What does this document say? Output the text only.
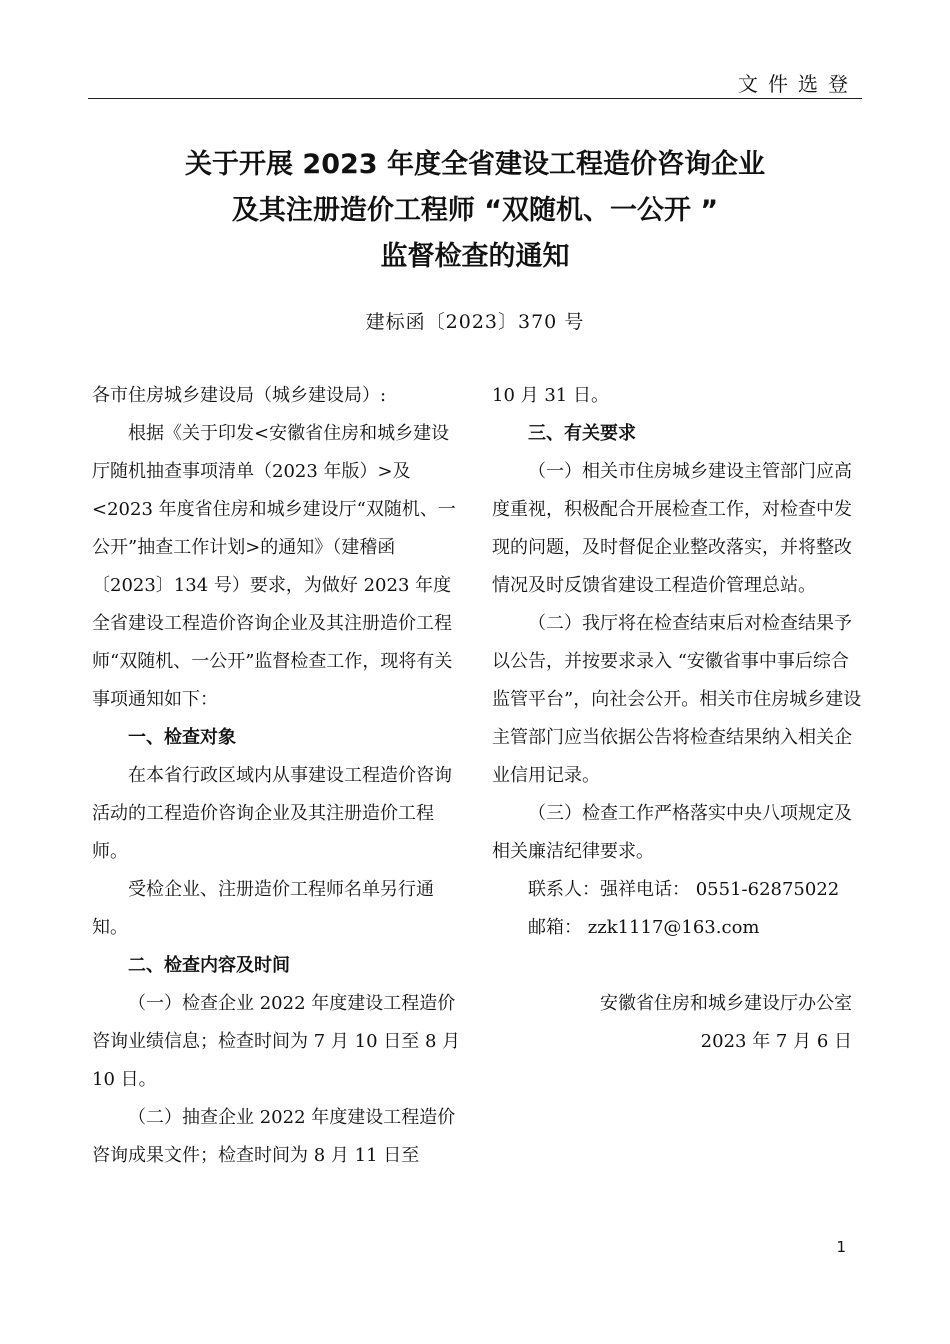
文件选登
关于开展 2023 年度全省建设工程造价咨询企业
及其注册造价工程师 “双随机、一公开 ”
监督检查的通知
建标函〔2023〕370 号

各市住房城乡建设局（城乡建设局）:

根据《关于印发<安徽省住房和城乡建设厅随机抽查事项清单（2023 年版）>及<2023 年度省住房和城乡建设厅“双随机、一公开”抽查工作计划>的通知》（建稽函〔2023〕134 号）要求，为做好 2023 年度全省建设工程造价咨询企业及其注册造价工程师“双随机、一公开”监督检查工作，现将有关事项通知如下：

一、检查对象

在本省行政区域内从事建设工程造价咨询活动的工程造价咨询企业及其注册造价工程师。

受检企业、注册造价工程师名单另行通知。

二、检查内容及时间

（一）检查企业 2022 年度建设工程造价咨询业绩信息；检查时间为 7 月 10 日至 8 月 10 日。

（二）抽查企业 2022 年度建设工程造价咨询成果文件；检查时间为 8 月 11 日至

10 月 31 日。

三、有关要求

（一）相关市住房城乡建设主管部门应高度重视，积极配合开展检查工作，对检查中发现的问题，及时督促企业整改落实，并将整改情况及时反馈省建设工程造价管理总站。

（二）我厅将在检查结束后对检查结果予以公告，并按要求录入 “安徽省事中事后综合监管平台”，向社会公开。相关市住房城乡建设主管部门应当依据公告将检查结果纳入相关企业信用记录。

（三）检查工作严格落实中央八项规定及相关廉洁纪律要求。

联系人：强祥电话： 0551-62875022

邮箱： zzk1117@163.com

安徽省住房和城乡建设厅办公室

2023 年 7 月 6 日

1
